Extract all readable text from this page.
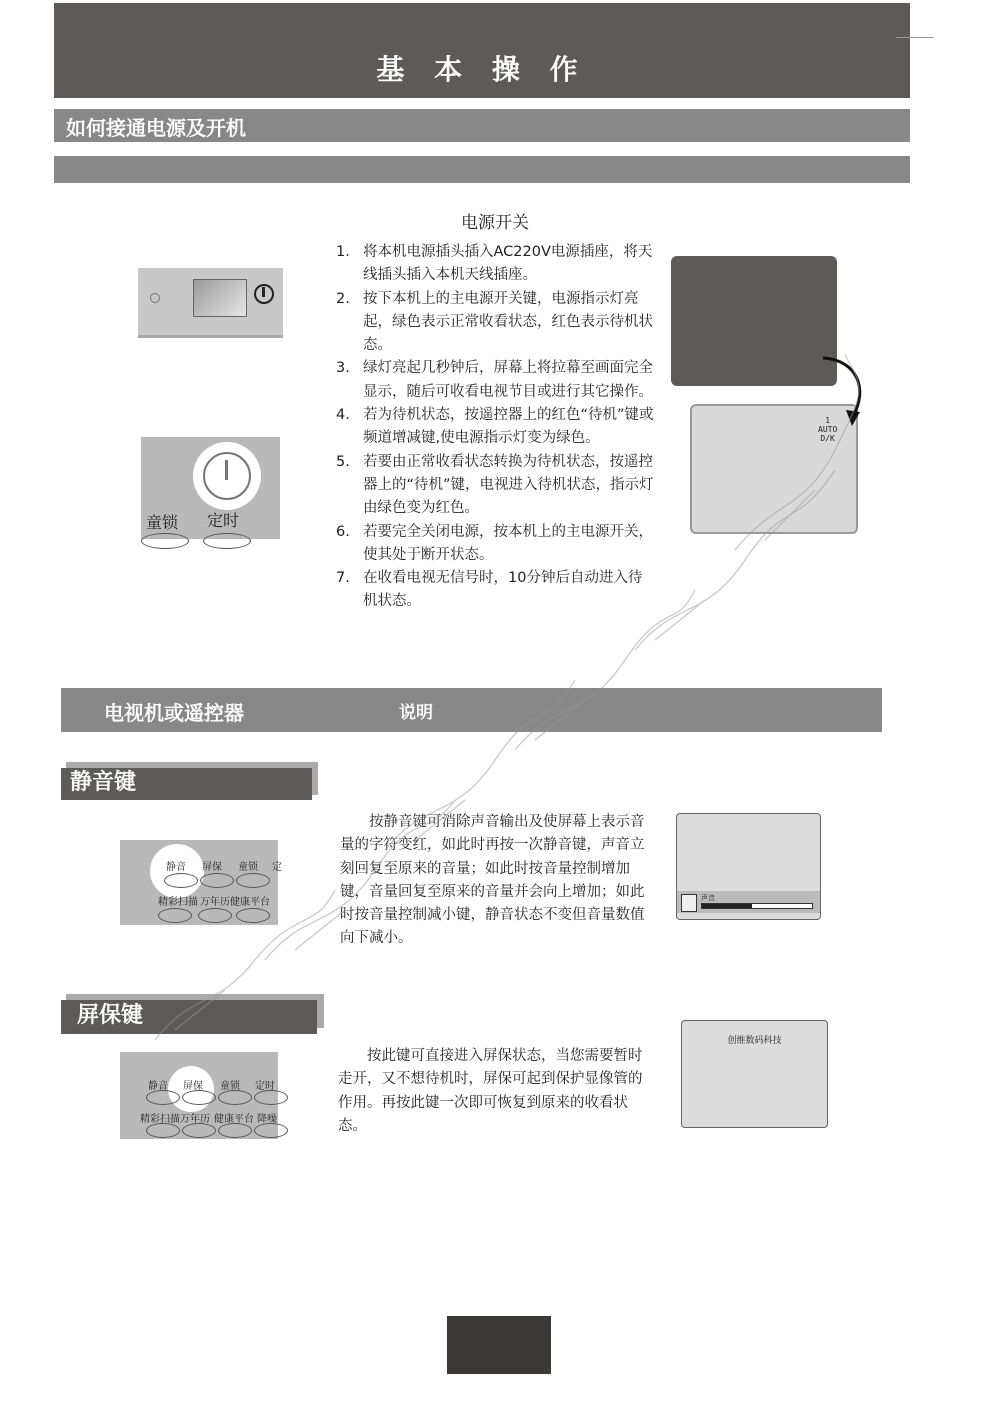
基 本 操 作
如何接通电源及开机
电源开关
1. 将本机电源插头插入AC220V电源插座，将天线插头插入本机天线插座。
2. 按下本机上的主电源开关键，电源指示灯亮起，绿色表示正常收看状态，红色表示待机状态。
3. 绿灯亮起几秒钟后，屏幕上将拉幕至画面完全显示，随后可收看电视节目或进行其它操作。
4. 若为待机状态，按遥控器上的红色“待机”键或频道增减键,使电源指示灯变为绿色。
5. 若要由正常收看状态转换为待机状态，按遥控器上的“待机”键，电视进入待机状态，指示灯由绿色变为红色。
6. 若要完全关闭电源，按本机上的主电源开关，使其处于断开状态。
7. 在收看电视无信号时，10分钟后自动进入待机状态。
童锁 定时
1
AUTO
D/K
电视机或遥控器	说明
静音键
静音 屏保 童锁 定
精彩扫描 万年历 健康平台
按静音键可消除声音输出及使屏幕上表示音量的字符变红，如此时再按一次静音键，声音立刻回复至原来的音量；如此时按音量控制增加键，音量回复至原来的音量并会向上增加；如此时按音量控制减小键，静音状态不变但音量数值向下减小。
声音
屏保键
静音 屏保 童锁 定时
精彩扫描 万年历 健康平台 降噪
按此键可直接进入屏保状态，当您需要暂时走开，又不想待机时，屏保可起到保护显像管的作用。再按此键一次即可恢复到原来的收看状态。
创维数码科技
